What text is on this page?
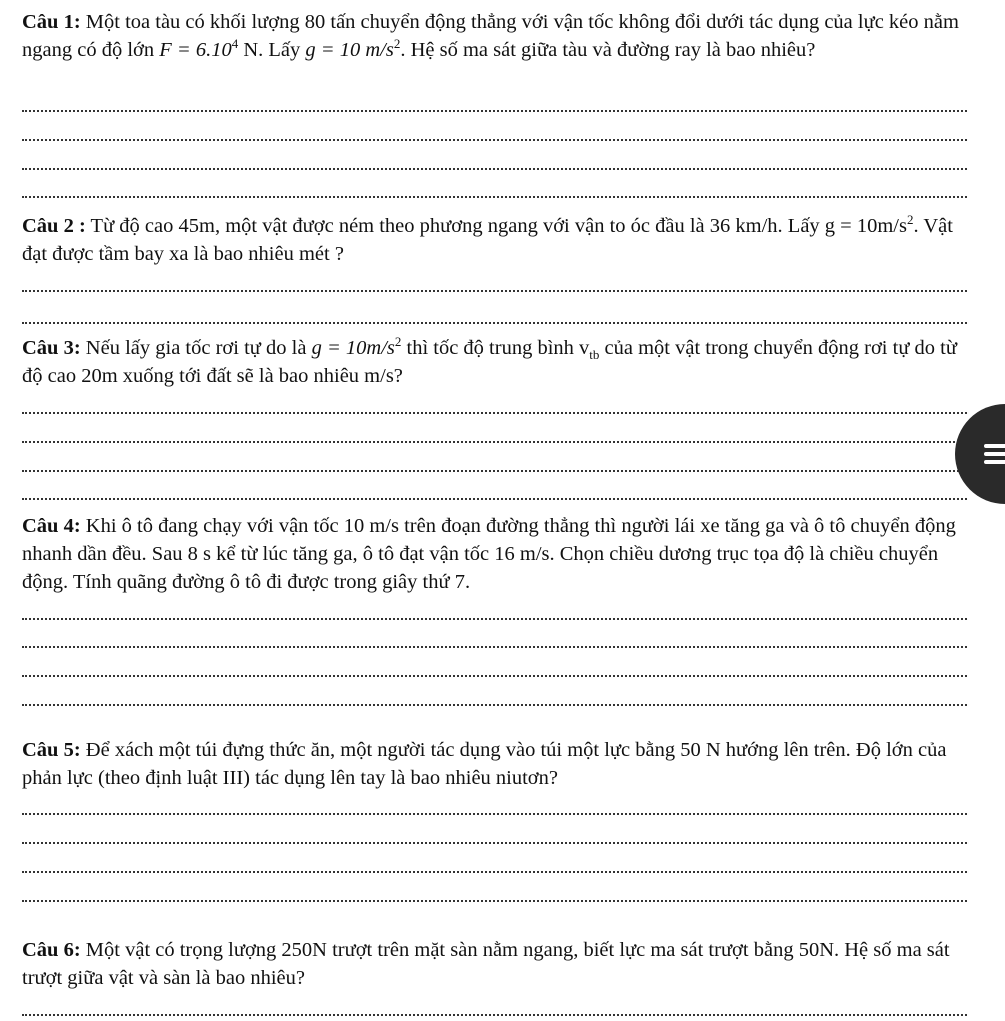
Câu 1: Một toa tàu có khối lượng 80 tấn chuyển động thẳng với vận tốc không đổi dưới tác dụng của lực kéo nằm ngang có độ lớn $F = 6.10^4$ N. Lấy g = 10 $m/s^2$. Hệ số ma sát giữa tàu và đường ray là bao nhiêu?
Câu 2 : Từ độ cao 45m, một vật được ném theo phương ngang với vận to óc đầu là 36 km/h. Lấy $g = 10m/s^2$. Vật đạt được tầm bay xa là bao nhiêu mét ?
Câu 3: Nếu lấy gia tốc rơi tự do là $g = 10m/s^2$ thì tốc độ trung bình $v_{tb}$ của một vật trong chuyển động rơi tự do từ độ cao 20m xuống tới đất sẽ là bao nhiêu m/s?
Câu 4: Khi ô tô đang chạy với vận tốc 10 m/s trên đoạn đường thẳng thì người lái xe tăng ga và ô tô chuyển động nhanh dần đều. Sau 8 s kể từ lúc tăng ga, ô tô đạt vận tốc 16 m/s. Chọn chiều dương trục tọa độ là chiều chuyển động. Tính quãng đường ô tô đi được trong giây thứ 7.
Câu 5: Để xách một túi đựng thức ăn, một người tác dụng vào túi một lực bằng 50 N hướng lên trên. Độ lớn của phản lực (theo định luật III) tác dụng lên tay là bao nhiêu niutơn?
Câu 6: Một vật có trọng lượng 250N trượt trên mặt sàn nằm ngang, biết lực ma sát trượt bằng 50N. Hệ số ma sát trượt giữa vật và sàn là bao nhiêu?
